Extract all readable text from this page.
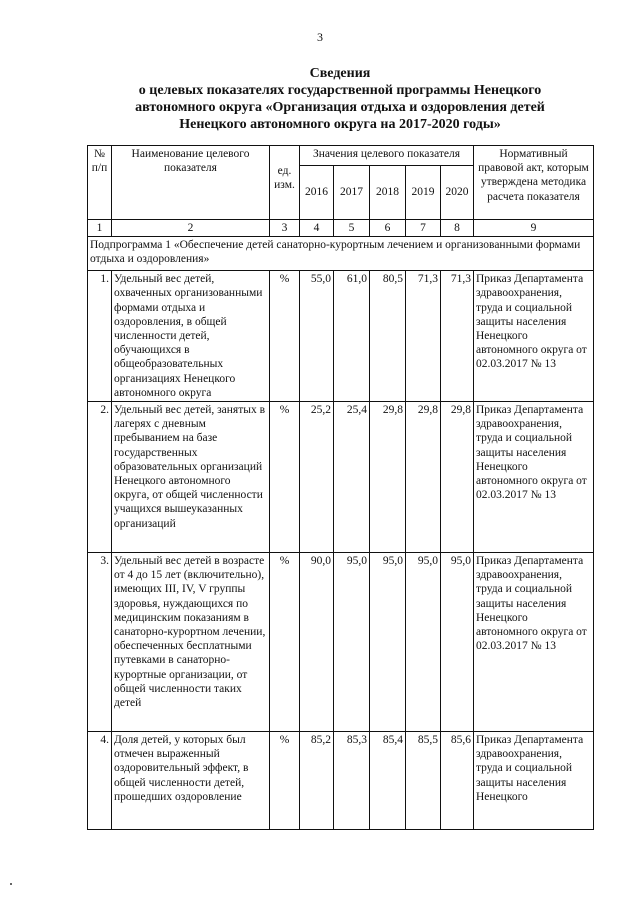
3
Сведения
о целевых показателях государственной программы Ненецкого
автономного округа «Организация отдыха и оздоровления детей
Ненецкого автономного округа на 2017-2020 годы»
№ п/п	Наименование целевого показателя	ед. изм.	Значения целевого показателя					Нормативный правовой акт, которым утверждена методика расчета показателя
			2016	2017	2018	2019	2020	
1	2	3	4	5	6	7	8	9
Подпрограмма 1 «Обеспечение детей санаторно-курортным лечением и организованными формами отдыха и оздоровления»								
1.	Удельный вес детей, охваченных организованными формами отдыха и оздоровления, в общей численности детей, обучающихся в общеобразовательных организациях Ненецкого автономного округа	%	55,0	61,0	80,5	71,3	71,3	Приказ Департамента здравоохранения, труда и социальной защиты населения Ненецкого автономного округа от 02.03.2017 № 13
2.	Удельный вес детей, занятых в лагерях с дневным пребыванием на базе государственных образовательных организаций Ненецкого автономного округа, от общей численности учащихся вышеуказанных организаций	%	25,2	25,4	29,8	29,8	29,8	Приказ Департамента здравоохранения, труда и социальной защиты населения Ненецкого автономного округа от 02.03.2017 № 13
3.	Удельный вес детей в возрасте от 4 до 15 лет (включительно), имеющих III, IV, V группы здоровья, нуждающихся по медицинским показаниям в санаторно-курортном лечении, обеспеченных бесплатными путевками в санаторно-курортные организации, от общей численности таких детей	%	90,0	95,0	95,0	95,0	95,0	Приказ Департамента здравоохранения, труда и социальной защиты населения Ненецкого автономного округа от 02.03.2017 № 13
4.	Доля детей, у которых был отмечен выраженный оздоровительный эффект, в общей численности детей, прошедших оздоровление	%	85,2	85,3	85,4	85,5	85,6	Приказ Департамента здравоохранения, труда и социальной защиты населения Ненецкого
